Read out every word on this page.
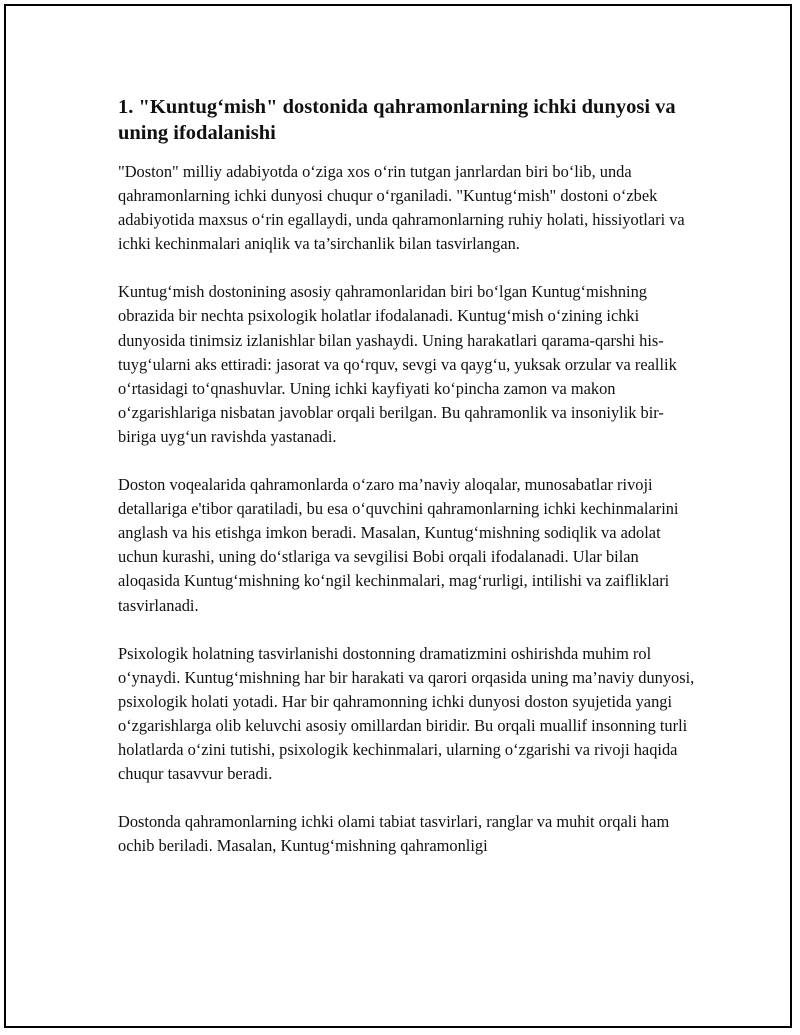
1. "Kuntug‘mish" dostonida qahramonlarning ichki dunyosi va uning ifodalanishi

"Doston" milliy adabiyotda o‘ziga xos o‘rin tutgan janrlardan biri bo‘lib, unda qahramonlarning ichki dunyosi chuqur o‘rganiladi. "Kuntug‘mish" dostoni o‘zbek adabiyotida maxsus o‘rin egallaydi, unda qahramonlarning ruhiy holati, hissiyotlari va ichki kechinmalari aniqlik va ta’sirchanlik bilan tasvirlangan.

Kuntug‘mish dostonining asosiy qahramonlaridan biri bo‘lgan Kuntug‘mishning obrazida bir nechta psixologik holatlar ifodalanadi. Kuntug‘mish o‘zining ichki dunyosida tinimsiz izlanishlar bilan yashaydi. Uning harakatlari qarama-qarshi his-tuyg‘ularni aks ettiradi: jasorat va qo‘rquv, sevgi va qayg‘u, yuksak orzular va reallik o‘rtasidagi to‘qnashuvlar. Uning ichki kayfiyati ko‘pincha zamon va makon o‘zgarishlariga nisbatan javoblar orqali berilgan. Bu qahramonlik va insoniylik bir-biriga uyg‘un ravishda yastanadi.

Doston voqealarida qahramonlarda o‘zaro ma’naviy aloqalar, munosabatlar rivoji detallariga e'tibor qaratiladi, bu esa o‘quvchini qahramonlarning ichki kechinmalarini anglash va his etishga imkon beradi. Masalan, Kuntug‘mishning sodiqlik va adolat uchun kurashi, uning do‘stlariga va sevgilisi Bobi orqali ifodalanadi. Ular bilan aloqasida Kuntug‘mishning ko‘ngil kechinmalari, mag‘rurligi, intilishi va zaifliklari tasvirlanadi.

Psixologik holatning tasvirlanishi dostonning dramatizmini oshirishda muhim rol o‘ynaydi. Kuntug‘mishning har bir harakati va qarori orqasida uning ma’naviy dunyosi, psixologik holati yotadi. Har bir qahramonning ichki dunyosi doston syujetida yangi o‘zgarishlarga olib keluvchi asosiy omillardan biridir. Bu orqali muallif insonning turli holatlarda o‘zini tutishi, psixologik kechinmalari, ularning o‘zgarishi va rivoji haqida chuqur tasavvur beradi.

Dostonda qahramonlarning ichki olami tabiat tasvirlari, ranglar va muhit orqali ham ochib beriladi. Masalan, Kuntug‘mishning qahramonligi
